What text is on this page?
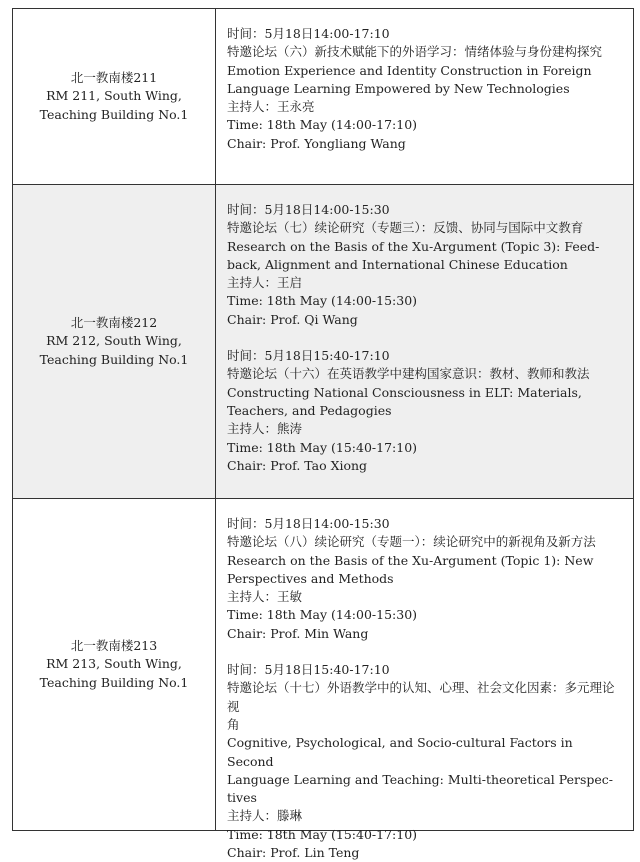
北一教南楼211
RM 211, South Wing,
Teaching Building No.1
时间：5月18日14:00-17:10
特邀论坛（六）新技术赋能下的外语学习：情绪体验与身份建构探究
Emotion Experience and Identity Construction in Foreign
Language Learning Empowered by New Technologies
主持人：王永亮
Time: 18th May (14:00-17:10)
Chair: Prof. Yongliang Wang
北一教南楼212
RM 212, South Wing,
Teaching Building No.1
时间：5月18日14:00-15:30
特邀论坛（七）续论研究（专题三）：反馈、协同与国际中文教育
Research on the Basis of the Xu-Argument (Topic 3): Feed-
back, Alignment and International Chinese Education
主持人：王启
Time: 18th May (14:00-15:30)
Chair: Prof. Qi Wang
时间：5月18日15:40-17:10
特邀论坛（十六）在英语教学中建构国家意识：教材、教师和教法
Constructing National Consciousness in ELT: Materials,
Teachers, and Pedagogies
主持人：熊涛
Time: 18th May (15:40-17:10)
Chair: Prof. Tao Xiong
北一教南楼213
RM 213, South Wing,
Teaching Building No.1
时间：5月18日14:00-15:30
特邀论坛（八）续论研究（专题一）：续论研究中的新视角及新方法
Research on the Basis of the Xu-Argument (Topic 1): New
Perspectives and Methods
主持人：王敏
Time: 18th May (14:00-15:30)
Chair: Prof. Min Wang
时间：5月18日15:40-17:10
特邀论坛（十七）外语教学中的认知、心理、社会文化因素：多元理论视
角
Cognitive, Psychological, and Socio-cultural Factors in Second
Language Learning and Teaching: Multi-theoretical Perspec-
tives
主持人：滕琳
Time: 18th May (15:40-17:10)
Chair: Prof. Lin Teng
